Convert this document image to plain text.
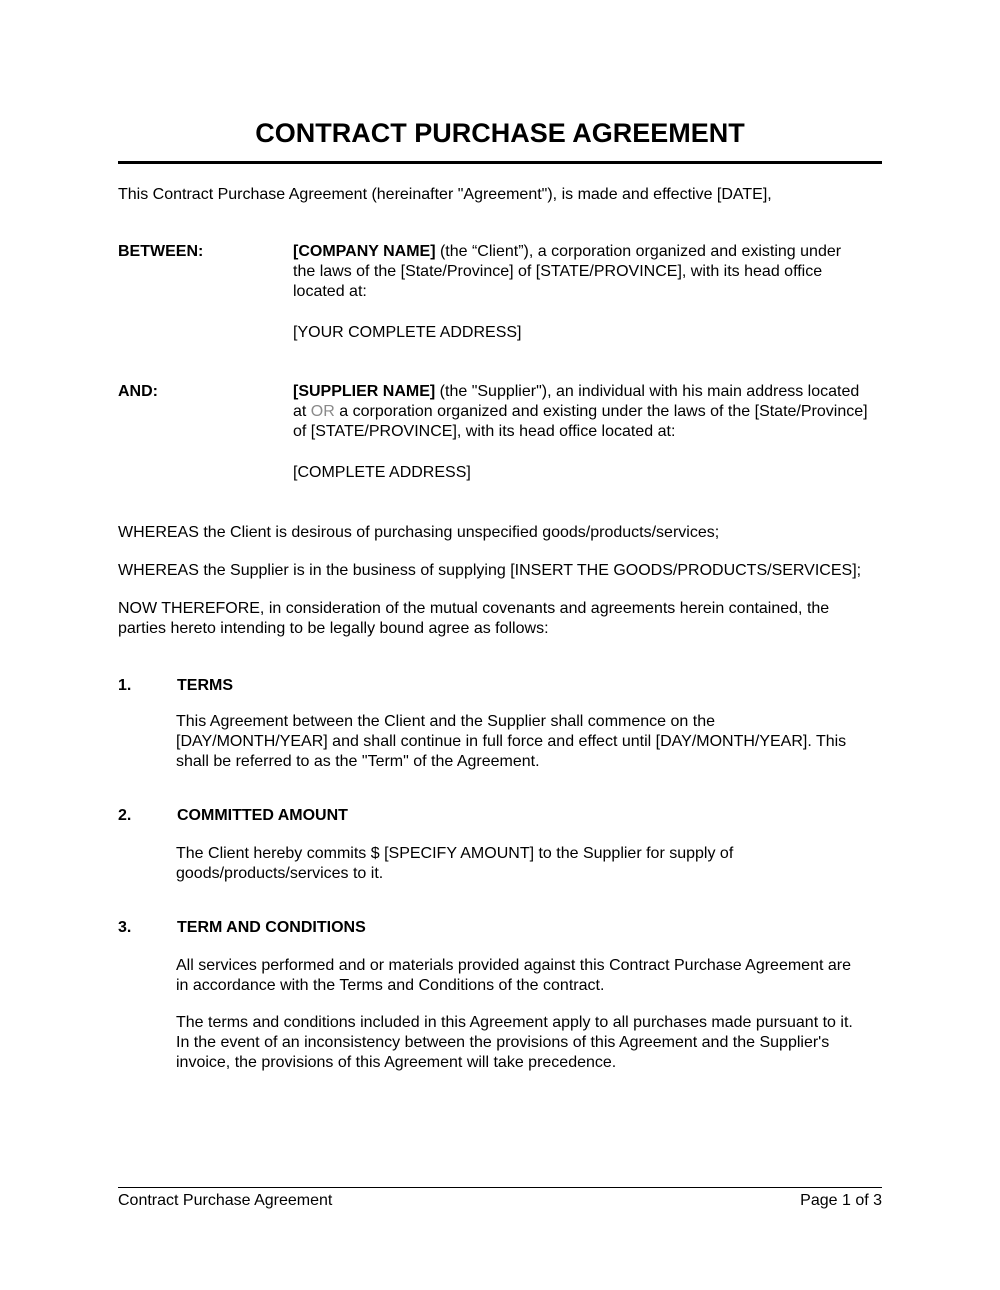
CONTRACT PURCHASE AGREEMENT
This Contract Purchase Agreement (hereinafter "Agreement"), is made and effective [DATE],
BETWEEN:	[COMPANY NAME] (the “Client”), a corporation organized and existing under
the laws of the [State/Province] of [STATE/PROVINCE], with its head office
located at:
[YOUR COMPLETE ADDRESS]
AND:	[SUPPLIER NAME] (the "Supplier"), an individual with his main address located
at OR a corporation organized and existing under the laws of the [State/Province]
of [STATE/PROVINCE], with its head office located at:
[COMPLETE ADDRESS]
WHEREAS the Client is desirous of purchasing unspecified goods/products/services;
WHEREAS the Supplier is in the business of supplying [INSERT THE GOODS/PRODUCTS/SERVICES];
NOW THEREFORE, in consideration of the mutual covenants and agreements herein contained, the
parties hereto intending to be legally bound agree as follows:
1.	TERMS
This Agreement between the Client and the Supplier shall commence on the
[DAY/MONTH/YEAR] and shall continue in full force and effect until [DAY/MONTH/YEAR]. This
shall be referred to as the "Term" of the Agreement.
2.	COMMITTED AMOUNT
The Client hereby commits $ [SPECIFY AMOUNT] to the Supplier for supply of
goods/products/services to it.
3.	TERM AND CONDITIONS
All services performed and or materials provided against this Contract Purchase Agreement are
in accordance with the Terms and Conditions of the contract.
The terms and conditions included in this Agreement apply to all purchases made pursuant to it.
In the event of an inconsistency between the provisions of this Agreement and the Supplier's
invoice, the provisions of this Agreement will take precedence.
Contract Purchase Agreement	Page 1 of 3
